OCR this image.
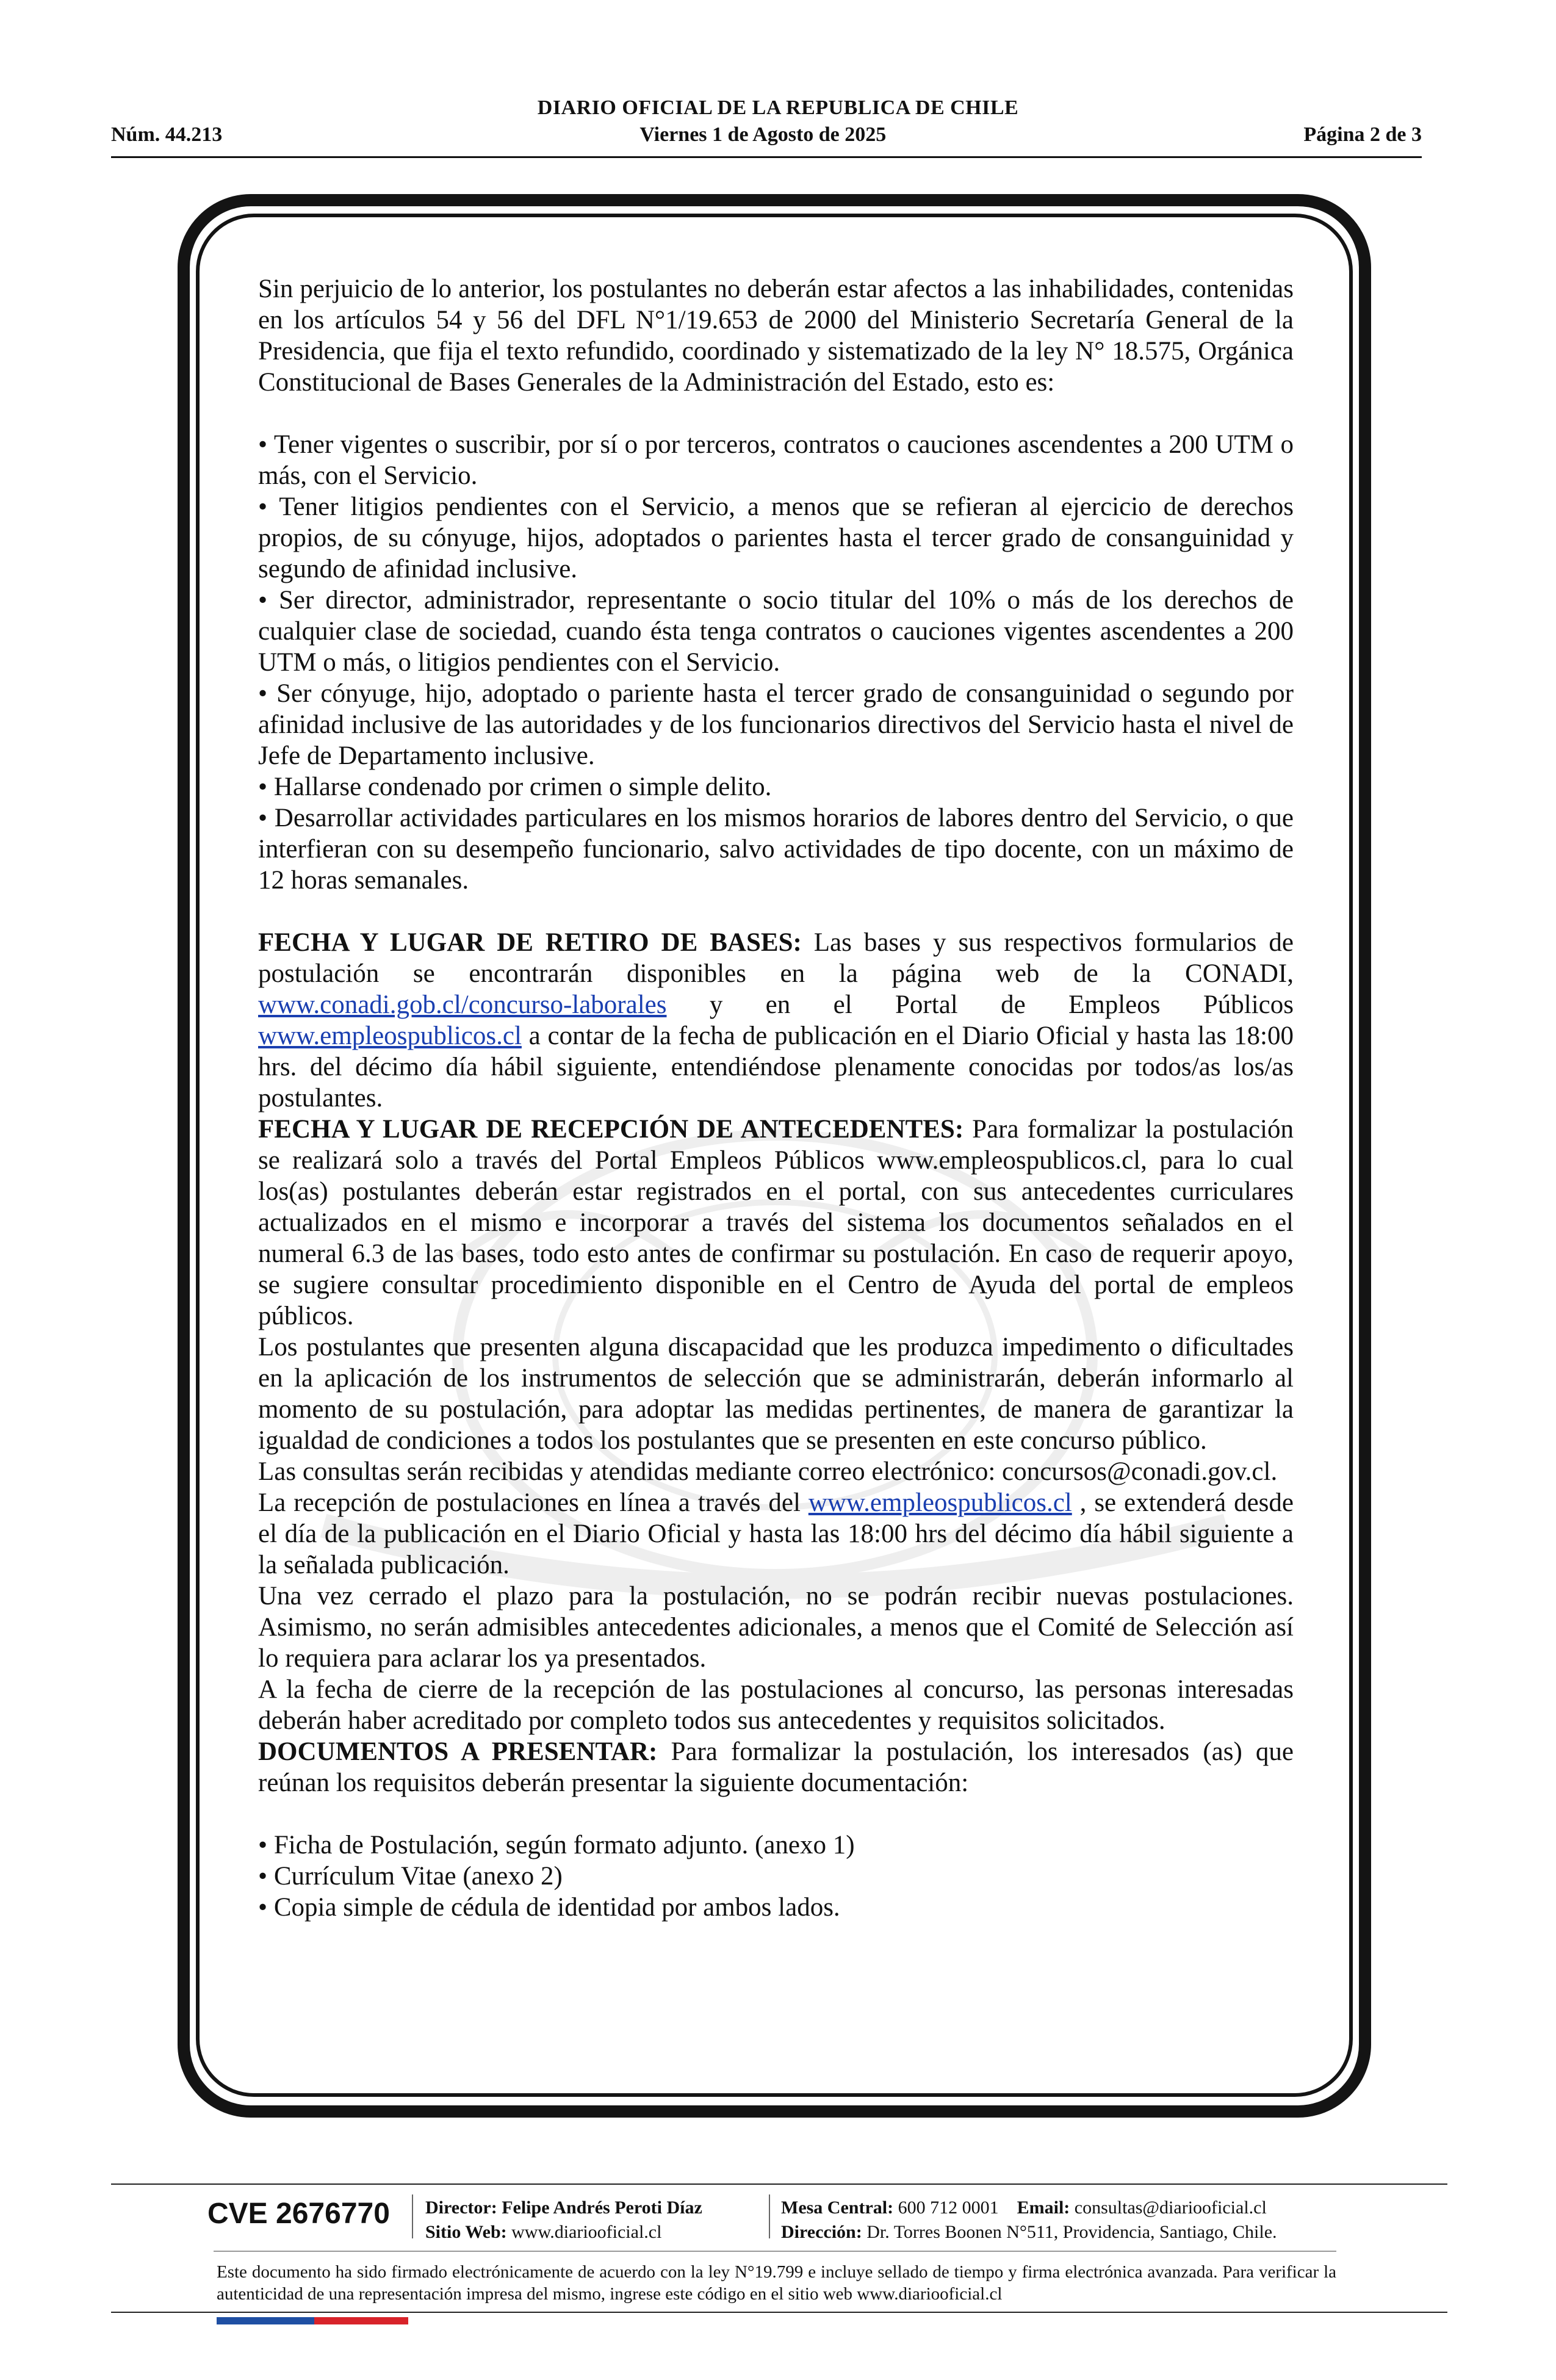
DIARIO OFICIAL DE LA REPUBLICA DE CHILE
Núm. 44.213	Viernes 1 de Agosto de 2025	Página 2 de 3

Sin perjuicio de lo anterior, los postulantes no deberán estar afectos a las inhabilidades, contenidas en los artículos 54 y 56 del DFL N°1/19.653 de 2000 del Ministerio Secretaría General de la Presidencia, que fija el texto refundido, coordinado y sistematizado de la ley N° 18.575, Orgánica Constitucional de Bases Generales de la Administración del Estado, esto es:

• Tener vigentes o suscribir, por sí o por terceros, contratos o cauciones ascendentes a 200 UTM o más, con el Servicio.

• Tener litigios pendientes con el Servicio, a menos que se refieran al ejercicio de derechos propios, de su cónyuge, hijos, adoptados o parientes hasta el tercer grado de consanguinidad y segundo de afinidad inclusive.

• Ser director, administrador, representante o socio titular del 10% o más de los derechos de cualquier clase de sociedad, cuando ésta tenga contratos o cauciones vigentes ascendentes a 200 UTM o más, o litigios pendientes con el Servicio.

• Ser cónyuge, hijo, adoptado o pariente hasta el tercer grado de consanguinidad o segundo por afinidad inclusive de las autoridades y de los funcionarios directivos del Servicio hasta el nivel de Jefe de Departamento inclusive.

• Hallarse condenado por crimen o simple delito.

• Desarrollar actividades particulares en los mismos horarios de labores dentro del Servicio, o que interfieran con su desempeño funcionario, salvo actividades de tipo docente, con un máximo de 12 horas semanales.

FECHA Y LUGAR DE RETIRO DE BASES: Las bases y sus respectivos formularios de postulación se encontrarán disponibles en la página web de la CONADI, www.conadi.gob.cl/concurso-laborales y en el Portal de Empleos Públicos www.empleospublicos.cl a contar de la fecha de publicación en el Diario Oficial y hasta las 18:00 hrs. del décimo día hábil siguiente, entendiéndose plenamente conocidas por todos/as los/as postulantes.

FECHA Y LUGAR DE RECEPCIÓN DE ANTECEDENTES: Para formalizar la postulación se realizará solo a través del Portal Empleos Públicos www.empleospublicos.cl, para lo cual los(as) postulantes deberán estar registrados en el portal, con sus antecedentes curriculares actualizados en el mismo e incorporar a través del sistema los documentos señalados en el numeral 6.3 de las bases, todo esto antes de confirmar su postulación. En caso de requerir apoyo, se sugiere consultar procedimiento disponible en el Centro de Ayuda del portal de empleos públicos.

Los postulantes que presenten alguna discapacidad que les produzca impedimento o dificultades en la aplicación de los instrumentos de selección que se administrarán, deberán informarlo al momento de su postulación, para adoptar las medidas pertinentes, de manera de garantizar la igualdad de condiciones a todos los postulantes que se presenten en este concurso público.

Las consultas serán recibidas y atendidas mediante correo electrónico: concursos@conadi.gov.cl.

La recepción de postulaciones en línea a través del www.empleospublicos.cl , se extenderá desde el día de la publicación en el Diario Oficial y hasta las 18:00 hrs del décimo día hábil siguiente a la señalada publicación.

Una vez cerrado el plazo para la postulación, no se podrán recibir nuevas postulaciones. Asimismo, no serán admisibles antecedentes adicionales, a menos que el Comité de Selección así lo requiera para aclarar los ya presentados.

A la fecha de cierre de la recepción de las postulaciones al concurso, las personas interesadas deberán haber acreditado por completo todos sus antecedentes y requisitos solicitados.

DOCUMENTOS A PRESENTAR: Para formalizar la postulación, los interesados (as) que reúnan los requisitos deberán presentar la siguiente documentación:

• Ficha de Postulación, según formato adjunto. (anexo 1)

• Currículum Vitae (anexo 2)

• Copia simple de cédula de identidad por ambos lados.

CVE 2676770 Director: Felipe Andrés Peroti Díaz
Sitio Web: www.diariooficial.cl
Mesa Central: 600 712 0001 Email: consultas@diariooficial.cl
Dirección: Dr. Torres Boonen N°511, Providencia, Santiago, Chile.
Este documento ha sido firmado electrónicamente de acuerdo con la ley N°19.799 e incluye sellado de tiempo y firma electrónica avanzada. Para verificar la autenticidad de una representación impresa del mismo, ingrese este código en el sitio web www.diariooficial.cl
